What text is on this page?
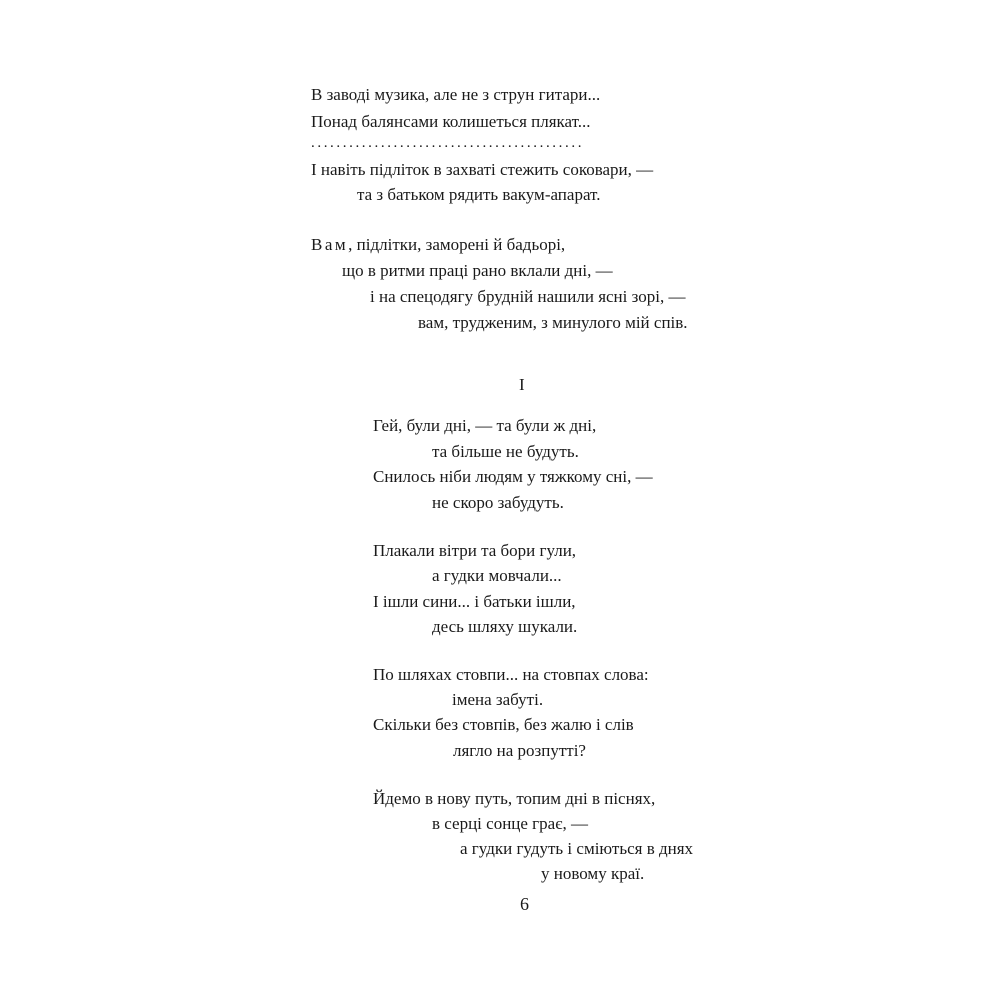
В заводі музика, але не з струн гитари...
Понад балянсами колишеться плякат...
...........................................
І навіть підліток в захваті стежить соковари, —
та з батьком рядить вакум-апарат.
Вам, підлітки, заморені й бадьорі,
що в ритми праці рано вклали дні, —
і на спецодягу брудній нашили ясні зорі, —
вам, трудженим, з минулого мій спів.
I
Гей, були дні, — та були ж дні,
та більше не будуть.
Снилось ніби людям у тяжкому сні, —
не скоро забудуть.
Плакали вітри та бори гули,
а гудки мовчали...
І ішли сини... і батьки ішли,
десь шляху шукали.
По шляхах стовпи... на стовпах слова:
імена забуті.
Скільки без стовпів, без жалю і слів
лягло на розпутті?
Йдемо в нову путь, топим дні в піснях,
в серці сонце грає, —
а гудки гудуть і сміються в днях
у новому краї.
6
